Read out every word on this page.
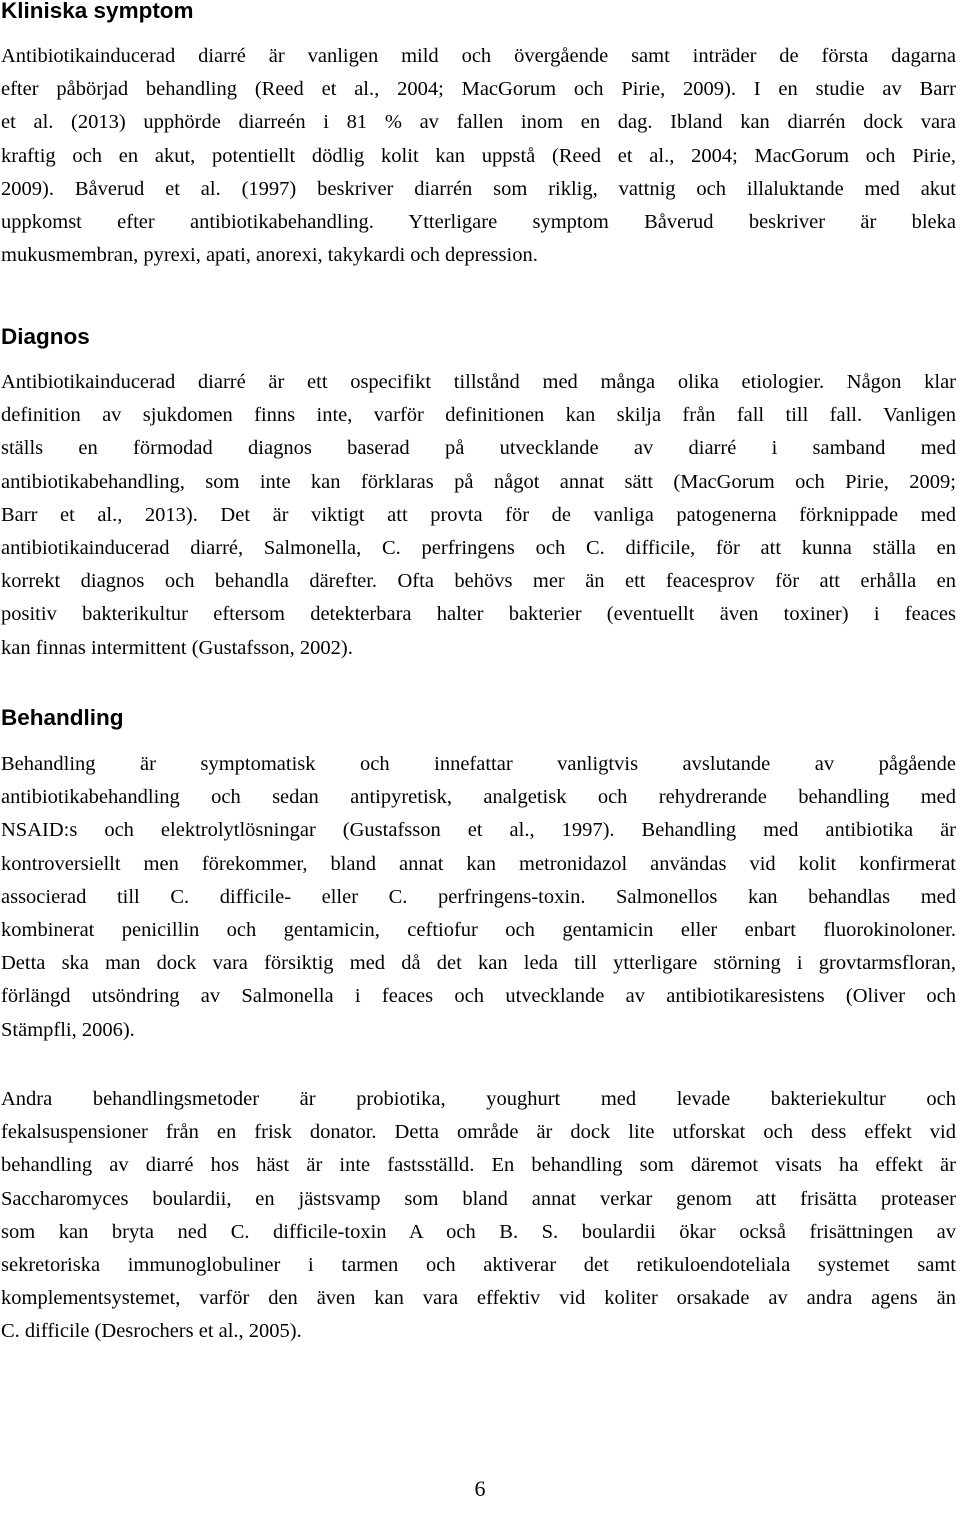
Kliniska symptom
Antibiotikainducerad diarré är vanligen mild och övergående samt inträder de första dagarna
efter påbörjad behandling (Reed et al., 2004; MacGorum och Pirie, 2009). I en studie av Barr
et al. (2013) upphörde diarreén i 81 % av fallen inom en dag. Ibland kan diarrén dock vara
kraftig och en akut, potentiellt dödlig kolit kan uppstå (Reed et al., 2004; MacGorum och Pirie,
2009). Båverud et al. (1997) beskriver diarrén som riklig, vattnig och illaluktande med akut
uppkomst efter antibiotikabehandling. Ytterligare symptom Båverud beskriver är bleka
mukusmembran, pyrexi, apati, anorexi, takykardi och depression.
Diagnos
Antibiotikainducerad diarré är ett ospecifikt tillstånd med många olika etiologier. Någon klar
definition av sjukdomen finns inte, varför definitionen kan skilja från fall till fall. Vanligen
ställs en förmodad diagnos baserad på utvecklande av diarré i samband med
antibiotikabehandling, som inte kan förklaras på något annat sätt (MacGorum och Pirie, 2009;
Barr et al., 2013). Det är viktigt att provta för de vanliga patogenerna förknippade med
antibiotikainducerad diarré, Salmonella, C. perfringens och C. difficile, för att kunna ställa en
korrekt diagnos och behandla därefter. Ofta behövs mer än ett feacesprov för att erhålla en
positiv bakterikultur eftersom detekterbara halter bakterier (eventuellt även toxiner) i feaces
kan finnas intermittent (Gustafsson, 2002).
Behandling
Behandling är symptomatisk och innefattar vanligtvis avslutande av pågående
antibiotikabehandling och sedan antipyretisk, analgetisk och rehydrerande behandling med
NSAID:s och elektrolytlösningar (Gustafsson et al., 1997). Behandling med antibiotika är
kontroversiellt men förekommer, bland annat kan metronidazol användas vid kolit konfirmerat
associerad till C. difficile- eller C. perfringens-toxin. Salmonellos kan behandlas med
kombinerat penicillin och gentamicin, ceftiofur och gentamicin eller enbart fluorokinoloner.
Detta ska man dock vara försiktig med då det kan leda till ytterligare störning i grovtarmsfloran,
förlängd utsöndring av Salmonella i feaces och utvecklande av antibiotikaresistens (Oliver och
Stämpfli, 2006).
Andra behandlingsmetoder är probiotika, youghurt med levade bakteriekultur och
fekalsuspensioner från en frisk donator. Detta område är dock lite utforskat och dess effekt vid
behandling av diarré hos häst är inte fastsställd. En behandling som däremot visats ha effekt är
Saccharomyces boulardii, en jästsvamp som bland annat verkar genom att frisätta proteaser
som kan bryta ned C. difficile-toxin A och B. S. boulardii ökar också frisättningen av
sekretoriska immunoglobuliner i tarmen och aktiverar det retikuloendoteliala systemet samt
komplementsystemet, varför den även kan vara effektiv vid koliter orsakade av andra agens än
C. difficile (Desrochers et al., 2005).
6
